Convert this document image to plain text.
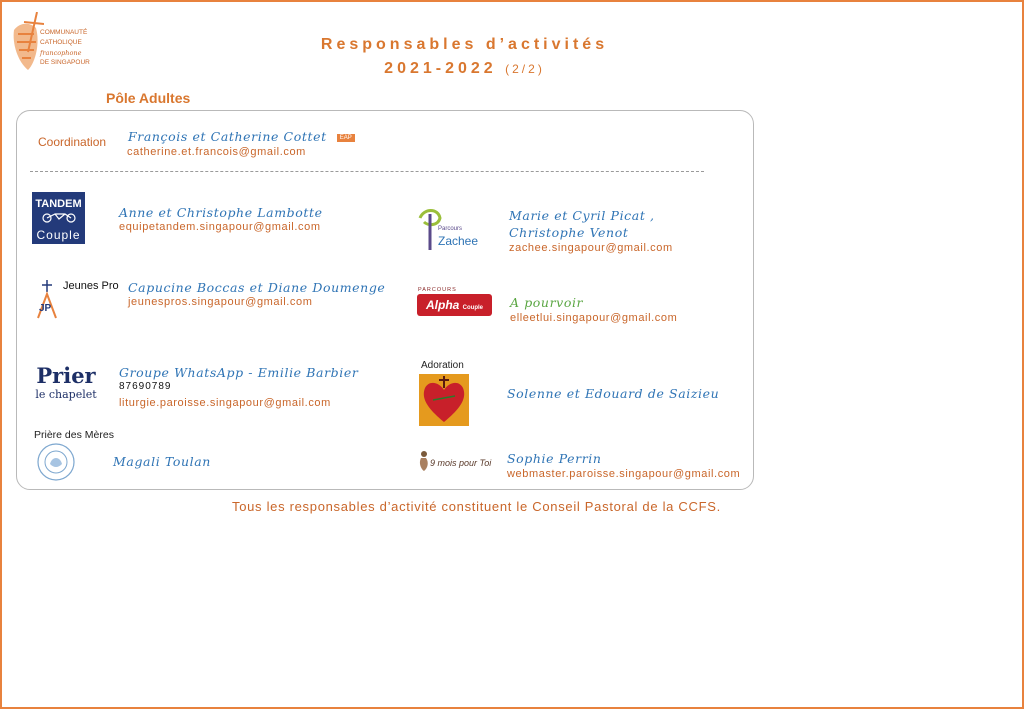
COMMUNAUTÉ
CATHOLIQUE
francophone
DE SINGAPOUR
Responsables d’activités
2021-2022 (2/2)
Pôle Adultes
Coordination François et Catherine Cottet EAP
catherine.et.francois@gmail.com
TANDEM
Couple
Anne et Christophe Lambotte
equipetandem.singapour@gmail.com
JP
Jeunes Pro Capucine Boccas et Diane Doumenge
jeunespros.singapour@gmail.com
Prier
le chapelet
Groupe WhatsApp - Emilie Barbier
87690789
liturgie.paroisse.singapour@gmail.com
Prière des Mères
Magali Toulan
Parcours
Zachee
Marie et Cyril Picat ,
Christophe Venot
zachee.singapour@gmail.com
PARCOURS
Alpha Couple	A pourvoir
elleetlui.singapour@gmail.com
Adoration
Solenne et Edouard de Saizieu
9 mois pour Toi Sophie Perrin
webmaster.paroisse.singapour@gmail.com
Tous les responsables d’activité constituent le Conseil Pastoral de la CCFS.
